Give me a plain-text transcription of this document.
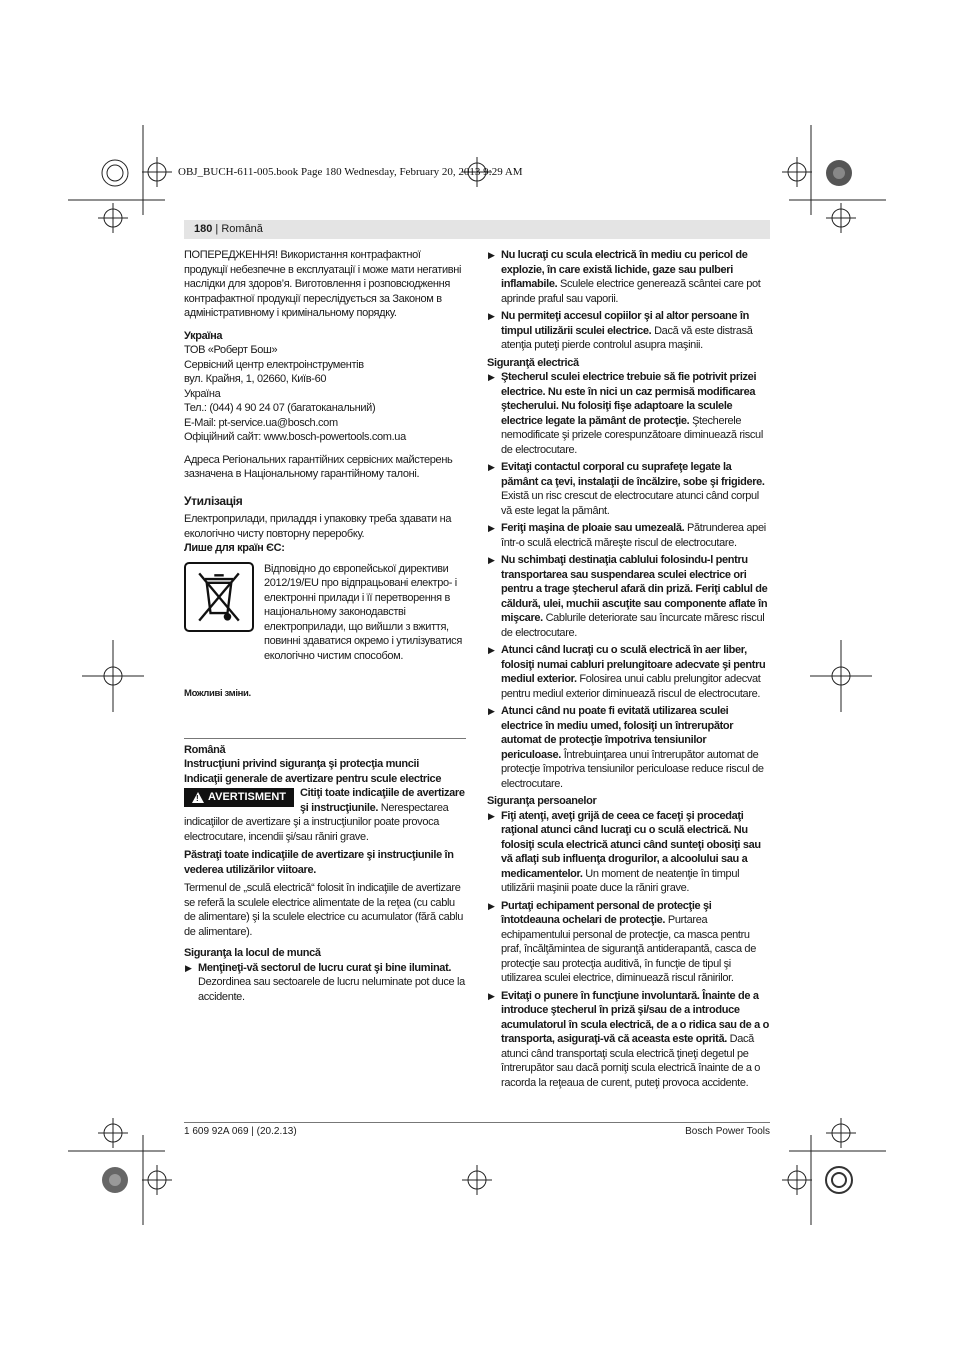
OBJ_BUCH-611-005.book Page 180 Wednesday, February 20, 2013 9:29 AM
180 | Română

ПОПЕРЕДЖЕННЯ! Використання контрафактної продукції небезпечне в експлуатації і може мати негативні наслідки для здоров’я. Виготовлення і розповсюдження контрафактної продукції переслідується за Законом в адміністративному і кримінальному порядку.

Україна

ТОВ «Роберт Бош»

Сервісний центр електроінструментів

вул. Крайня, 1, 02660, Київ-60

Україна

Тел.: (044) 4 90 24 07 (багатоканальний)

E-Mail: pt-service.ua@bosch.com

Офіційний сайт: www.bosch-powertools.com.ua

Адреса Регіональних гарантійних сервісних майстерень зазначена в Національному гарантійному талоні.

Утилізація

Електроприлади, приладдя і упаковку треба здавати на екологічно чисту повторну переробку.

Лише для країн ЄС:

Відповідно до європейської директиви 2012/19/EU про відпрацьовані електро- і електронні прилади і її перетворення в національному законодавстві електроприлади, що вийшли з вжиття, повинні здаватися окремо і утилізуватися екологічно чистим способом.

Можливі зміни.

Română

Instrucţiuni privind siguranţa şi protecţia muncii

Indicaţii generale de avertizare pentru scule electrice

! AVERTISMENT	Citiţi toate indicaţiile de avertizare şi instrucţiunile. Nerespectarea indicaţiilor de avertizare şi a instrucţiunilor poate provoca electrocutare, incendii şi/sau răniri grave.

Păstraţi toate indicaţiile de avertizare şi instrucţiunile în vederea utilizărilor viitoare.

Termenul de „sculă electrică“ folosit în indicaţiile de avertizare se referă la sculele electrice alimentate de la reţea (cu cablu de alimentare) şi la sculele electrice cu acumulator (fără cablu de alimentare).

Siguranţa la locul de muncă

▶ Menţineţi-vă sectorul de lucru curat şi bine iluminat.

Dezordinea sau sectoarele de lucru neluminate pot duce la accidente.

▶ Nu lucraţi cu scula electrică în mediu cu pericol de explozie, în care există lichide, gaze sau pulberi inflamabile. Sculele electrice generează scântei care pot aprinde praful sau vaporii.

▶ Nu permiteţi accesul copiilor şi al altor persoane în timpul utilizării sculei electrice. Dacă vă este distrasă atenţia puteţi pierde controlul asupra maşinii.

Siguranţă electrică

▶ Ştecherul sculei electrice trebuie să fie potrivit prizei electrice. Nu este în nici un caz permisă modificarea ştecherului. Nu folosiţi fişe adaptoare la sculele electrice legate la pământ de protecţie. Ştecherele nemodificate şi prizele corespunzătoare diminuează riscul de electrocutare.

▶ Evitaţi contactul corporal cu suprafeţe legate la pământ ca ţevi, instalaţii de încălzire, sobe şi frigidere. Există un risc crescut de electrocutare atunci când corpul vă este legat la pământ.

▶ Feriţi maşina de ploaie sau umezeală. Pătrunderea apei într-o sculă electrică măreşte riscul de electrocutare.

▶ Nu schimbaţi destinaţia cablului folosindu-l pentru transportarea sau suspendarea sculei electrice ori pentru a trage ştecherul afară din priză. Feriţi cablul de căldură, ulei, muchii ascuţite sau componente aflate în mişcare. Cablurile deteriorate sau încurcate măresc riscul de electrocutare.

▶ Atunci când lucraţi cu o sculă electrică în aer liber, folosiţi numai cabluri prelungitoare adecvate şi pentru mediul exterior. Folosirea unui cablu prelungitor adecvat pentru mediul exterior diminuează riscul de electrocutare.

▶ Atunci când nu poate fi evitată utilizarea sculei electrice în mediu umed, folosiţi un întrerupător automat de protecţie împotriva tensiunilor periculoase. Întrebuinţarea unui întrerupător automat de protecţie împotriva tensiunilor periculoase reduce riscul de electrocutare.

Siguranţa persoanelor

▶ Fiţi atenţi, aveţi grijă de ceea ce faceţi şi procedaţi raţional atunci când lucraţi cu o sculă electrică. Nu folosiţi scula electrică atunci când sunteţi obosiţi sau vă aflaţi sub influenţa drogurilor, a alcoolului sau a medicamentelor. Un moment de neatenţie în timpul utilizării maşinii poate duce la răniri grave.

▶ Purtaţi echipament personal de protecţie şi întotdeauna ochelari de protecţie. Purtarea echipamentului personal de protecţie, ca masca pentru praf, încălţămintea de siguranţă antiderapantă, casca de protecţie sau protecţia auditivă, în funcţie de tipul şi utilizarea sculei electrice, diminuează riscul rănirilor.

▶ Evitaţi o punere în funcţiune involuntară. Înainte de a introduce ştecherul în priză şi/sau de a introduce acumulatorul în scula electrică, de a o ridica sau de a o transporta, asiguraţi-vă că aceasta este oprită. Dacă atunci când transportaţi scula electrică ţineţi degetul pe întrerupător sau dacă porniţi scula electrică înainte de a o racorda la reţeaua de curent, puteţi provoca accidente.

1 609 92A 069 | (20.2.13)	Bosch Power Tools
